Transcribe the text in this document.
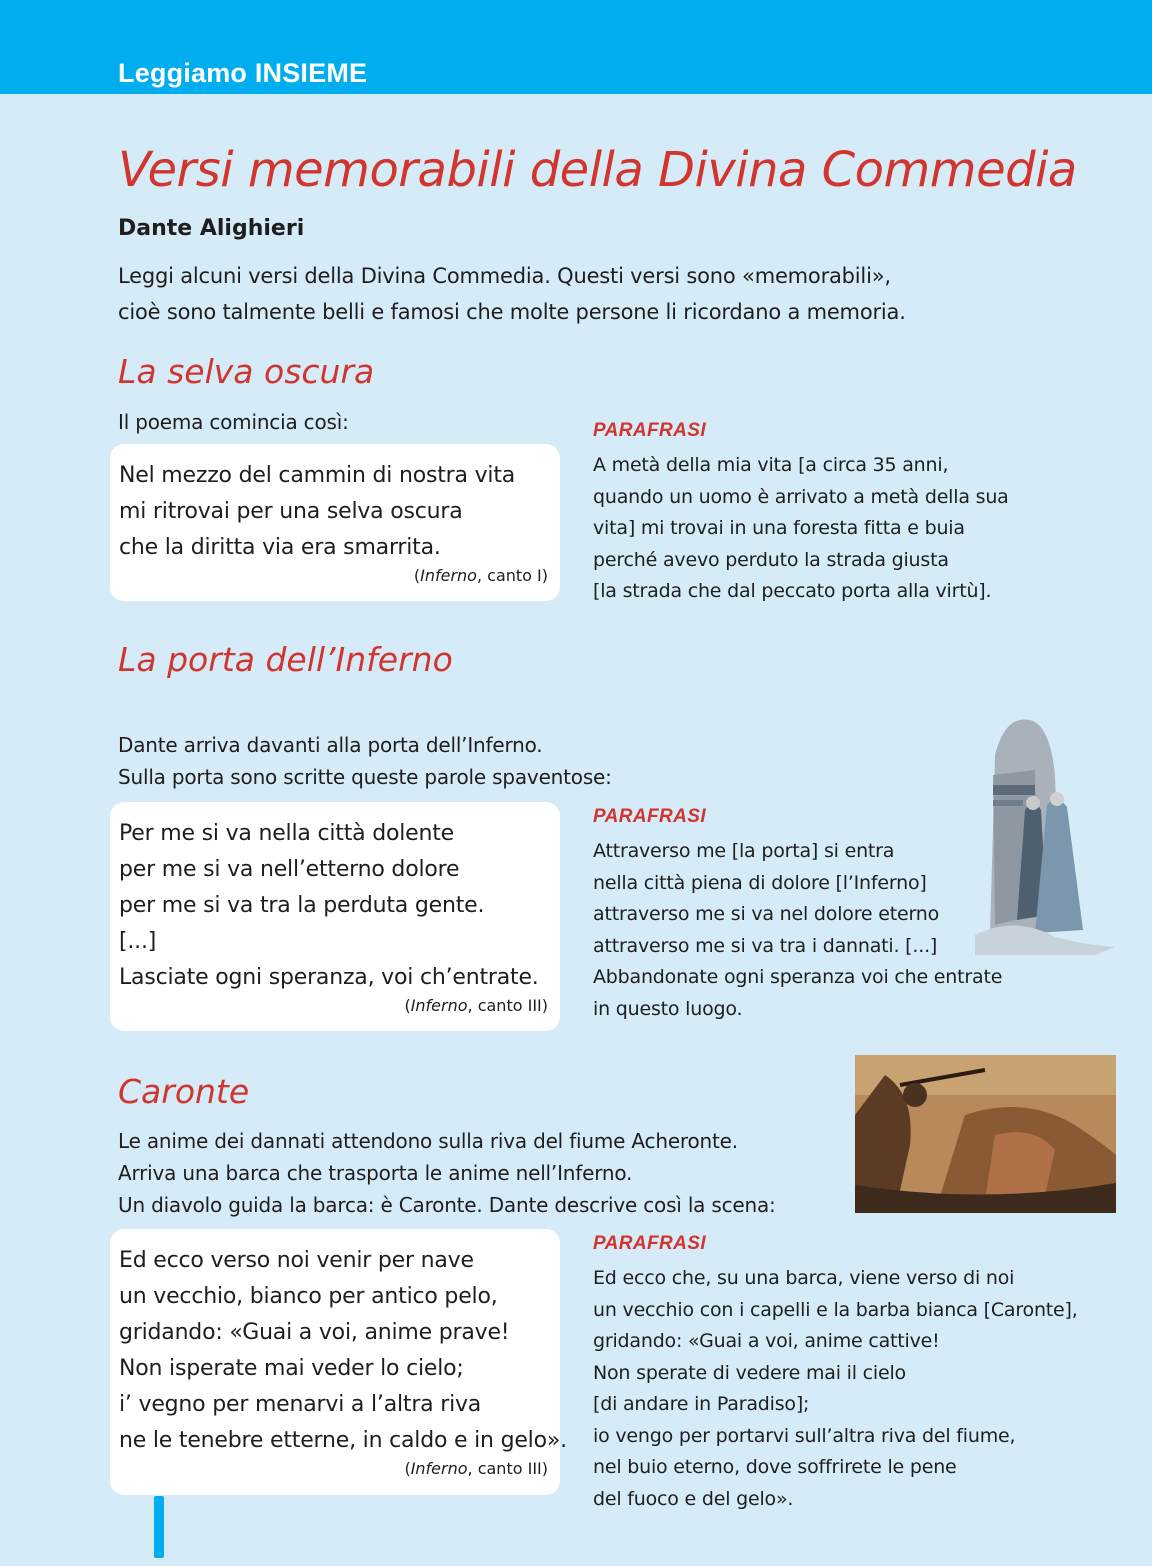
Leggiamo INSIEME
Versi memorabili della Divina Commedia
Dante Alighieri

Leggi alcuni versi della Divina Commedia. Questi versi sono «memorabili»,

cioè sono talmente belli e famosi che molte persone li ricordano a memoria.

La selva oscura

Il poema comincia così:

Nel mezzo del cammin di nostra vita

mi ritrovai per una selva oscura

che la diritta via era smarrita.

(Inferno, canto I)

PARAFRASI

A metà della mia vita [a circa 35 anni,

quando un uomo è arrivato a metà della sua

vita] mi trovai in una foresta fitta e buia

perché avevo perduto la strada giusta

[la strada che dal peccato porta alla virtù].

La porta dell’Inferno

Dante arriva davanti alla porta dell’Inferno.

Sulla porta sono scritte queste parole spaventose:

Per me si va nella città dolente

per me si va nell’etterno dolore

per me si va tra la perduta gente.

[...]

Lasciate ogni speranza, voi ch’entrate.

(Inferno, canto III)

PARAFRASI

Attraverso me [la porta] si entra

nella città piena di dolore [l’Inferno]

attraverso me si va nel dolore eterno

attraverso me si va tra i dannati. [...]

Abbandonate ogni speranza voi che entrate

in questo luogo.

Caronte

Le anime dei dannati attendono sulla riva del fiume Acheronte.

Arriva una barca che trasporta le anime nell’Inferno.

Un diavolo guida la barca: è Caronte. Dante descrive così la scena:

Ed ecco verso noi venir per nave

un vecchio, bianco per antico pelo,

gridando: «Guai a voi, anime prave!

Non isperate mai veder lo cielo;

i’ vegno per menarvi a l’altra riva

ne le tenebre etterne, in caldo e in gelo».

(Inferno, canto III)

PARAFRASI

Ed ecco che, su una barca, viene verso di noi

un vecchio con i capelli e la barba bianca [Caronte],

gridando: «Guai a voi, anime cattive!

Non sperate di vedere mai il cielo

[di andare in Paradiso];

io vengo per portarvi sull’altra riva del fiume,

nel buio eterno, dove soffrirete le pene

del fuoco e del gelo».
